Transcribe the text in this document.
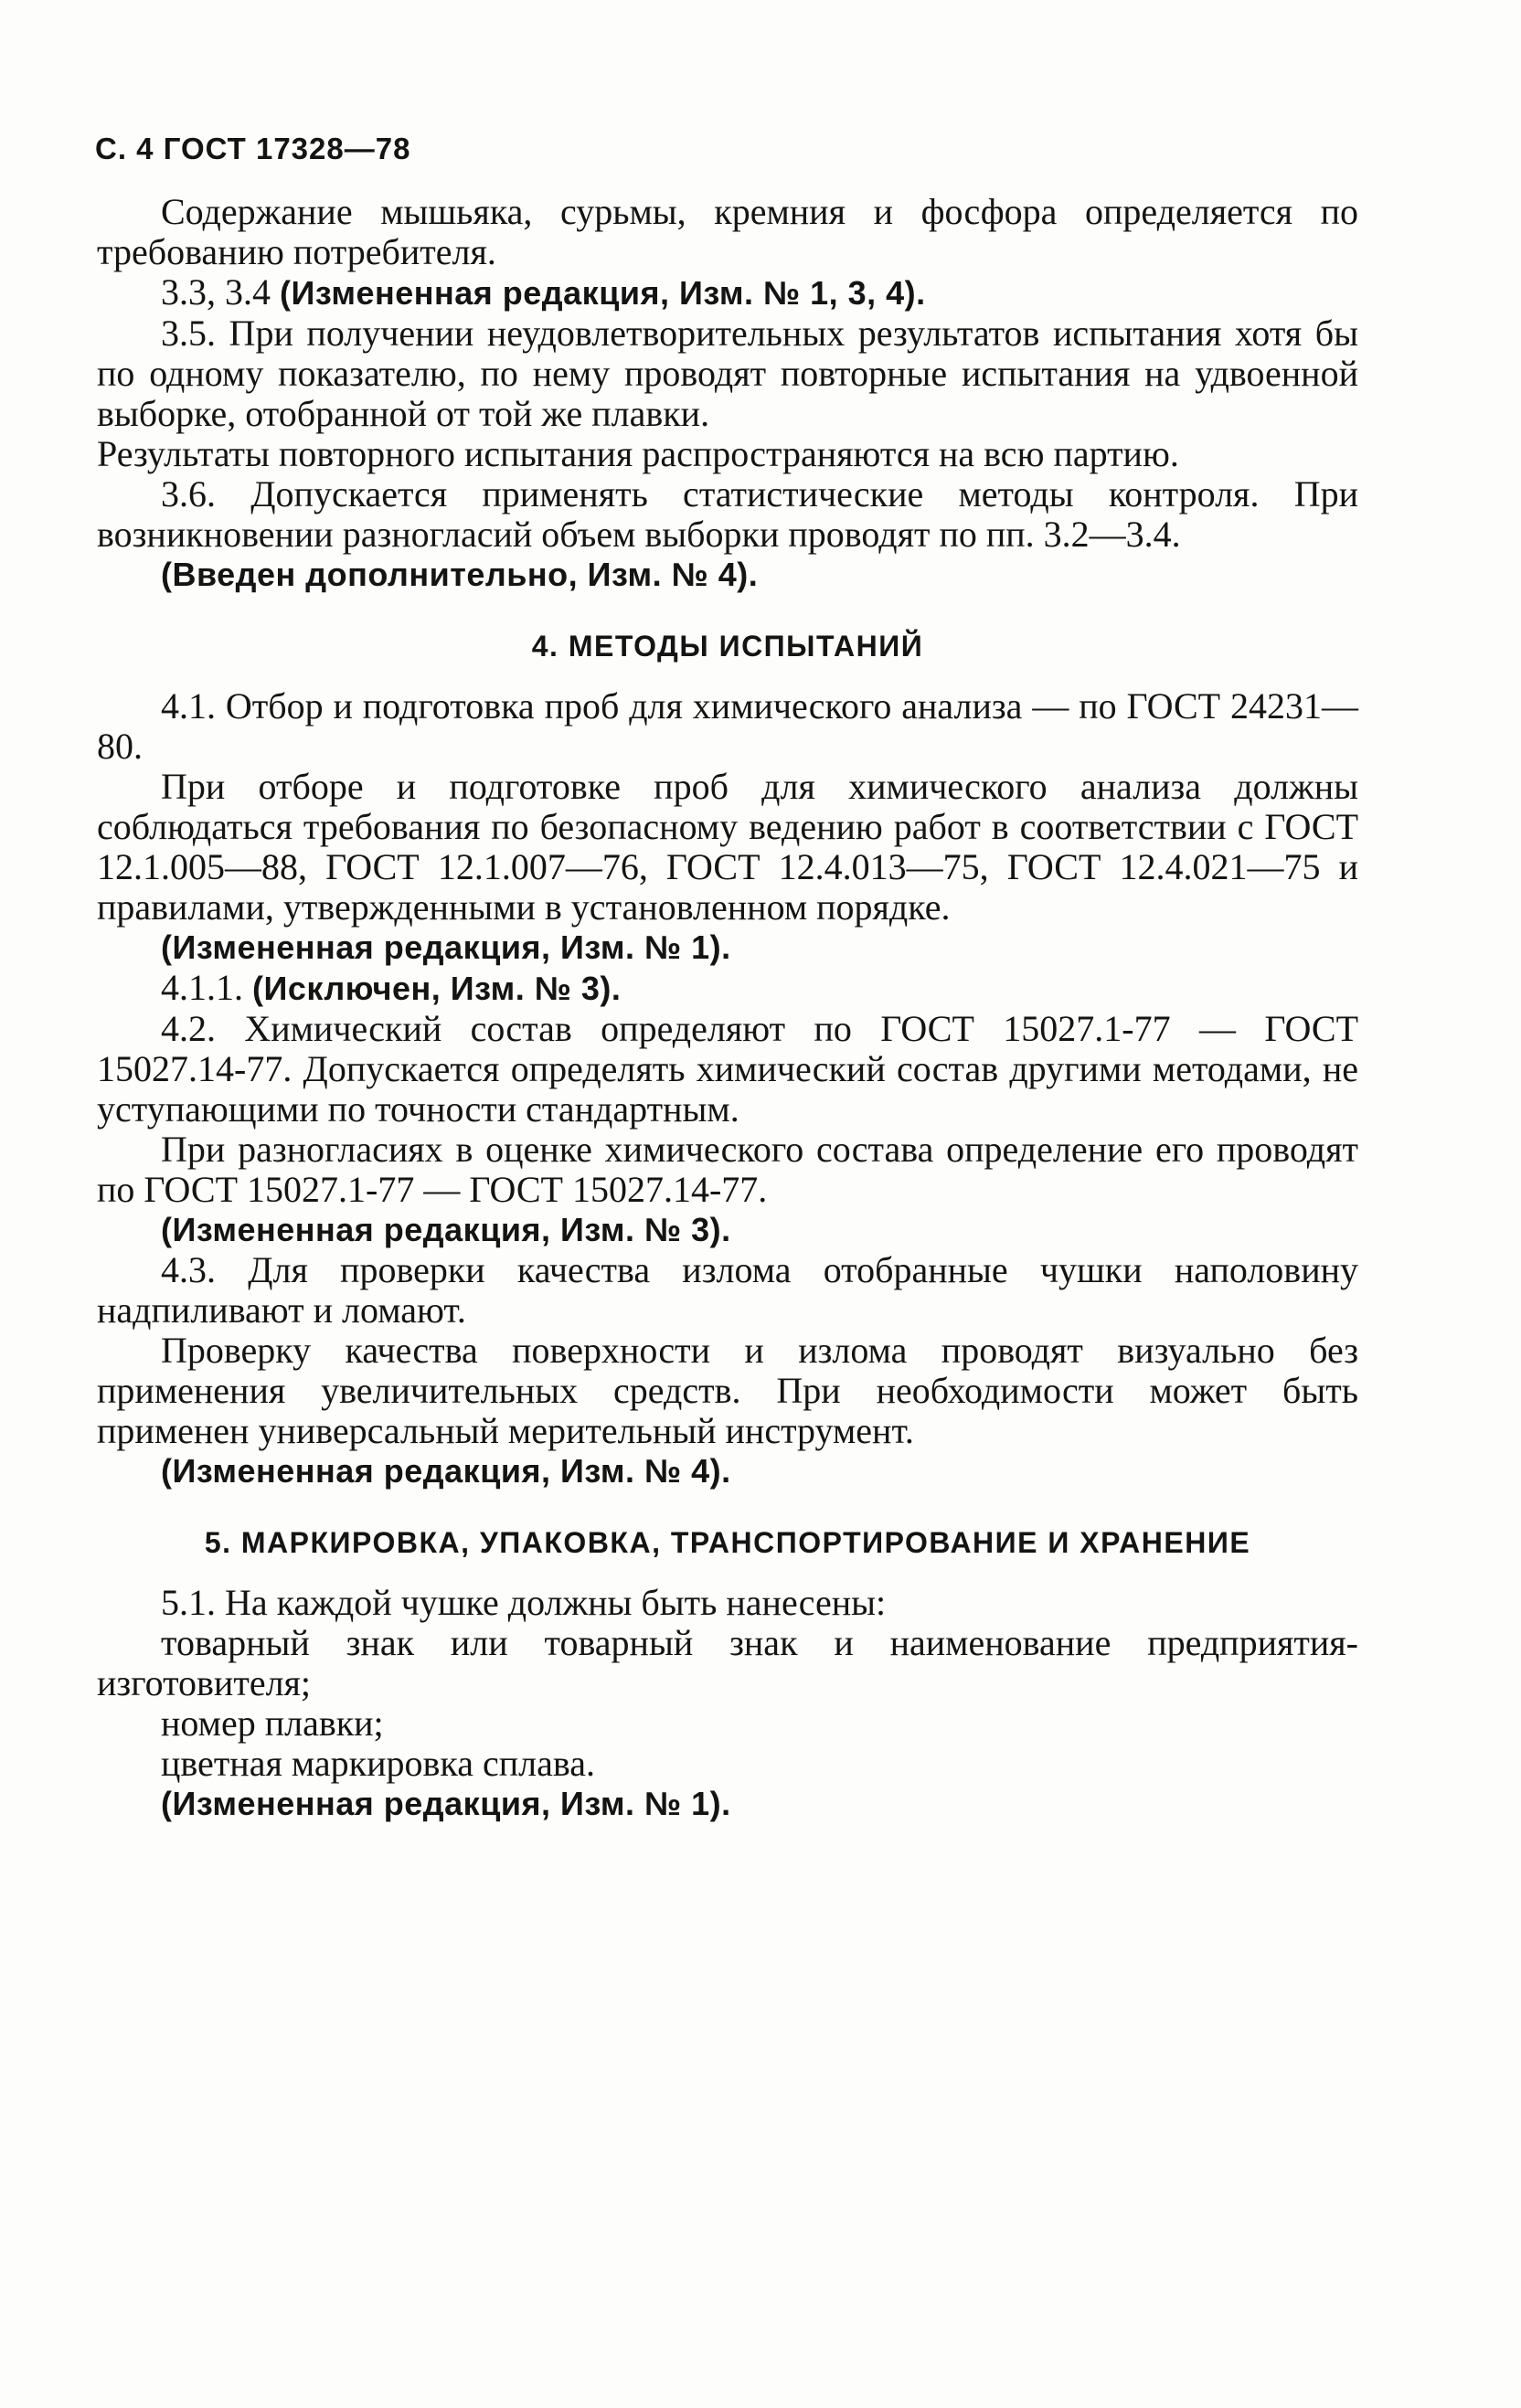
С. 4 ГОСТ 17328—78

Содержание мышьяка, сурьмы, кремния и фосфора определяется по требованию потребителя.

3.3, 3.4 (Измененная редакция, Изм. № 1, 3, 4).

3.5. При получении неудовлетворительных результатов испытания хотя бы по одному показателю, по нему проводят повторные испытания на удвоенной выборке, отобранной от той же плавки.

Результаты повторного испытания распространяются на всю партию.

3.6. Допускается применять статистические методы контроля. При возникновении разногласий объем выборки проводят по пп. 3.2—3.4.

(Введен дополнительно, Изм. № 4).

4. МЕТОДЫ ИСПЫТАНИЙ

4.1. Отбор и подготовка проб для химического анализа — по ГОСТ 24231—80.

При отборе и подготовке проб для химического анализа должны соблюдаться требования по безопасному ведению работ в соответствии с ГОСТ 12.1.005—88, ГОСТ 12.1.007—76, ГОСТ 12.4.013—75, ГОСТ 12.4.021—75 и правилами, утвержденными в установленном порядке.

(Измененная редакция, Изм. № 1).

4.1.1. (Исключен, Изм. № 3).

4.2. Химический состав определяют по ГОСТ 15027.1-77 — ГОСТ 15027.14-77. Допускается определять химический состав другими методами, не уступающими по точности стандартным.

При разногласиях в оценке химического состава определение его проводят по ГОСТ 15027.1-77 — ГОСТ 15027.14-77.

(Измененная редакция, Изм. № 3).

4.3. Для проверки качества излома отобранные чушки наполовину надпиливают и ломают.

Проверку качества поверхности и излома проводят визуально без применения увеличительных средств. При необходимости может быть применен универсальный мерительный инструмент.

(Измененная редакция, Изм. № 4).

5. МАРКИРОВКА, УПАКОВКА, ТРАНСПОРТИРОВАНИЕ И ХРАНЕНИЕ

5.1. На каждой чушке должны быть нанесены:

товарный знак или товарный знак и наименование предприятия-изготовителя;

номер плавки;

цветная маркировка сплава.

(Измененная редакция, Изм. № 1).
